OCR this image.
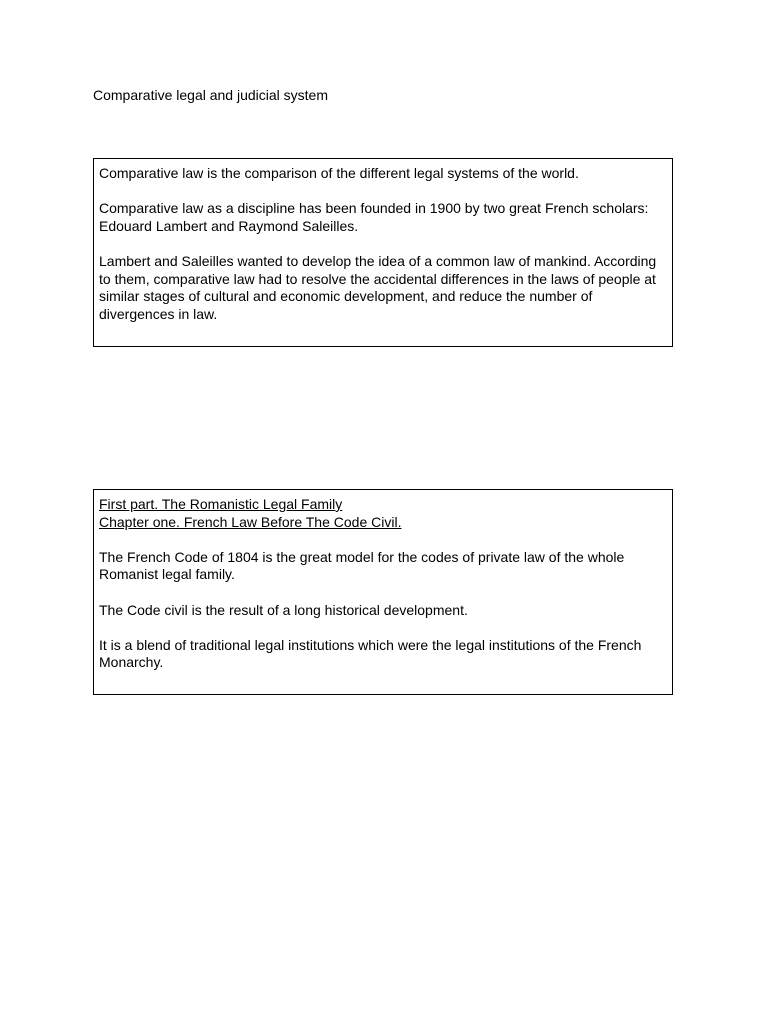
Comparative legal and judicial system

Comparative law is the comparison of the different legal systems of the world.

Comparative law as a discipline has been founded in 1900 by two great French scholars: Edouard Lambert and Raymond Saleilles.

Lambert and Saleilles wanted to develop the idea of a common law of mankind. According to them, comparative law had to resolve the accidental differences in the laws of people at similar stages of cultural and economic development, and reduce the number of divergences in law.

First part. The Romanistic Legal Family
Chapter one. French Law Before The Code Civil.

The French Code of 1804 is the great model for the codes of private law of the whole Romanist legal family.

The Code civil is the result of a long historical development.

It is a blend of traditional legal institutions which were the legal institutions of the French Monarchy.
